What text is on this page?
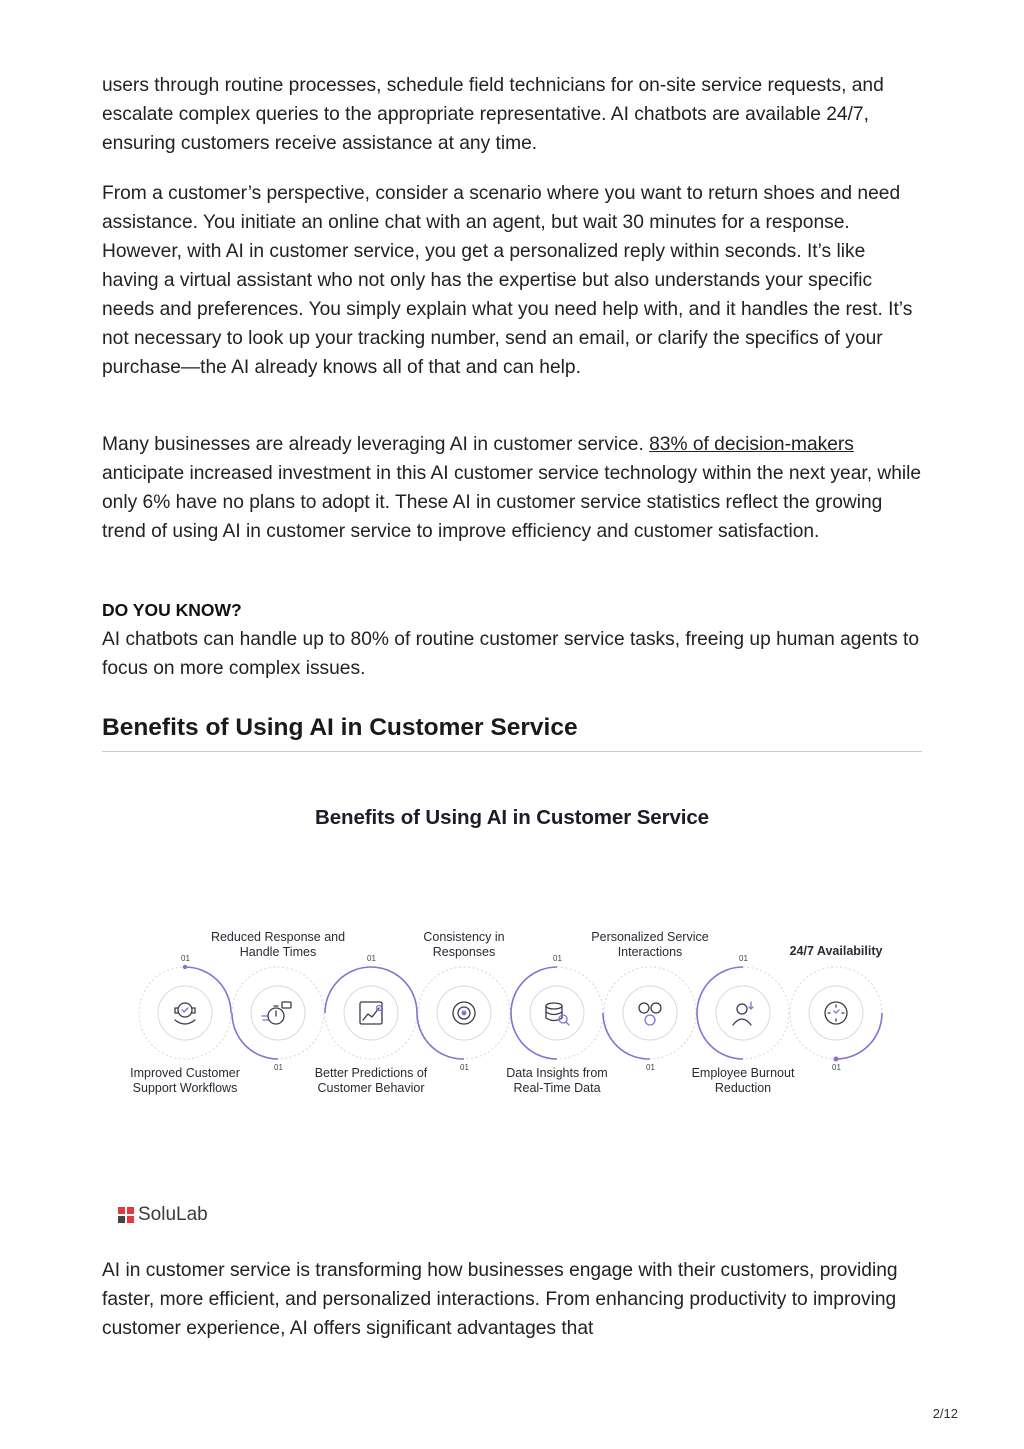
users through routine processes, schedule field technicians for on-site service requests, and escalate complex queries to the appropriate representative. AI chatbots are available 24/7, ensuring customers receive assistance at any time.

From a customer’s perspective, consider a scenario where you want to return shoes and need assistance. You initiate an online chat with an agent, but wait 30 minutes for a response. However, with AI in customer service, you get a personalized reply within seconds. It’s like having a virtual assistant who not only has the expertise but also understands your specific needs and preferences. You simply explain what you need help with, and it handles the rest. It’s not necessary to look up your tracking number, send an email, or clarify the specifics of your purchase—the AI already knows all of that and can help.

Many businesses are already leveraging AI in customer service. 83% of decision-makers anticipate increased investment in this AI customer service technology within the next year, while only 6% have no plans to adopt it. These AI in customer service statistics reflect the growing trend of using AI in customer service to improve efficiency and customer satisfaction.

DO YOU KNOW?

AI chatbots can handle up to 80% of routine customer service tasks, freeing up human agents to focus on more complex issues.

Benefits of Using AI in Customer Service
Benefits of Using AI in Customer Service
01
01
01
01
01
01
01
01
Improved Customer Support Workflows
Reduced Response and Handle Times
Better Predictions of Customer Behavior
Consistency in Responses
Data Insights from Real-Time Data
Personalized Service Interactions
Employee Burnout Reduction
24/7 Availability
SoluLab

AI in customer service is transforming how businesses engage with their customers, providing faster, more efficient, and personalized interactions. From enhancing productivity to improving customer experience, AI offers significant advantages that

2/12
